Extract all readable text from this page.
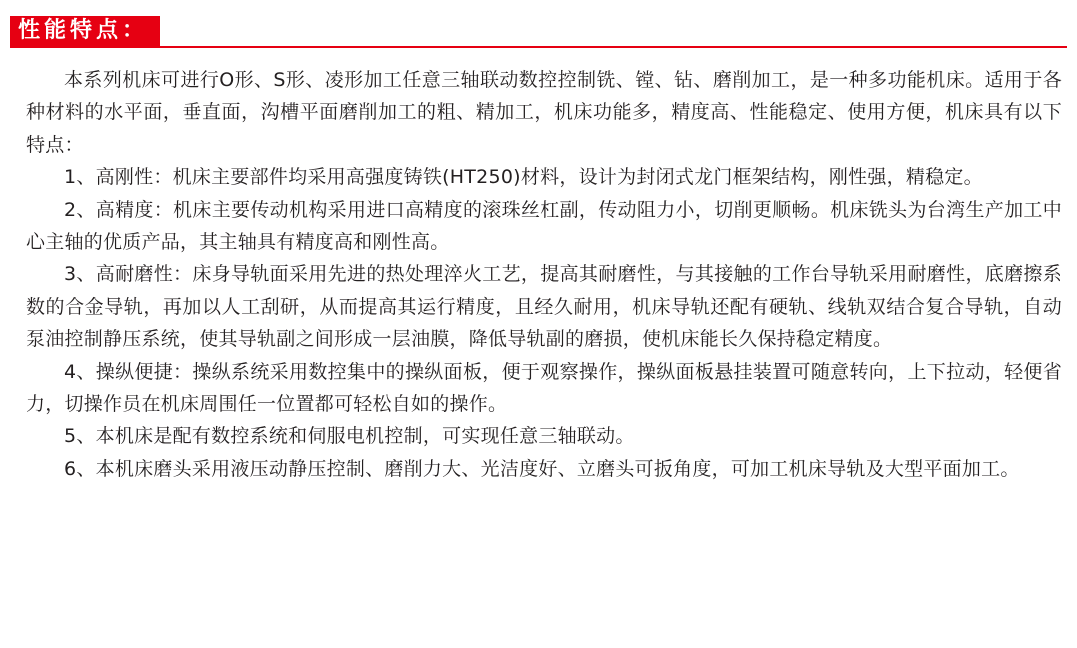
性能特点：

本系列机床可进行O形、S形、凌形加工任意三轴联动数控控制铣、镗、钻、磨削加工，是一种多功能机床。适用于各种材料的水平面，垂直面，沟槽平面磨削加工的粗、精加工，机床功能多，精度高、性能稳定、使用方便，机床具有以下特点：

1、高刚性：机床主要部件均采用高强度铸铁(HT250)材料，设计为封闭式龙门框架结构，刚性强，精稳定。

2、高精度：机床主要传动机构采用进口高精度的滚珠丝杠副，传动阻力小，切削更顺畅。机床铣头为台湾生产加工中心主轴的优质产品，其主轴具有精度高和刚性高。

3、高耐磨性：床身导轨面采用先进的热处理淬火工艺，提高其耐磨性，与其接触的工作台导轨采用耐磨性，底磨擦系数的合金导轨，再加以人工刮研，从而提高其运行精度，且经久耐用，机床导轨还配有硬轨、线轨双结合复合导轨，自动泵油控制静压系统，使其导轨副之间形成一层油膜，降低导轨副的磨损，使机床能长久保持稳定精度。

4、操纵便捷：操纵系统采用数控集中的操纵面板，便于观察操作，操纵面板悬挂装置可随意转向，上下拉动，轻便省力，切操作员在机床周围任一位置都可轻松自如的操作。

5、本机床是配有数控系统和伺服电机控制，可实现任意三轴联动。

6、本机床磨头采用液压动静压控制、磨削力大、光洁度好、立磨头可扳角度，可加工机床导轨及大型平面加工。
